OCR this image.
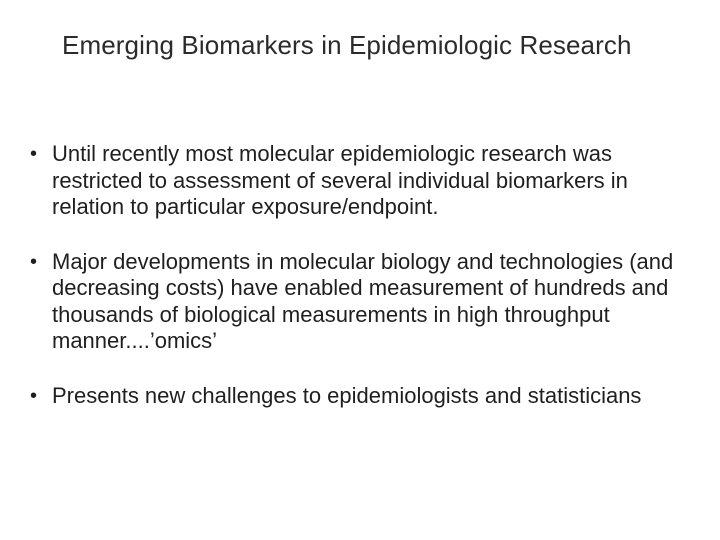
Emerging Biomarkers in Epidemiologic Research
• Until recently most molecular epidemiologic research was restricted to assessment of several individual biomarkers in relation to particular exposure/endpoint.
• Major developments in molecular biology and technologies (and decreasing costs) have enabled measurement of hundreds and thousands of biological measurements in high throughput manner....’omics’
• Presents new challenges to epidemiologists and statisticians
